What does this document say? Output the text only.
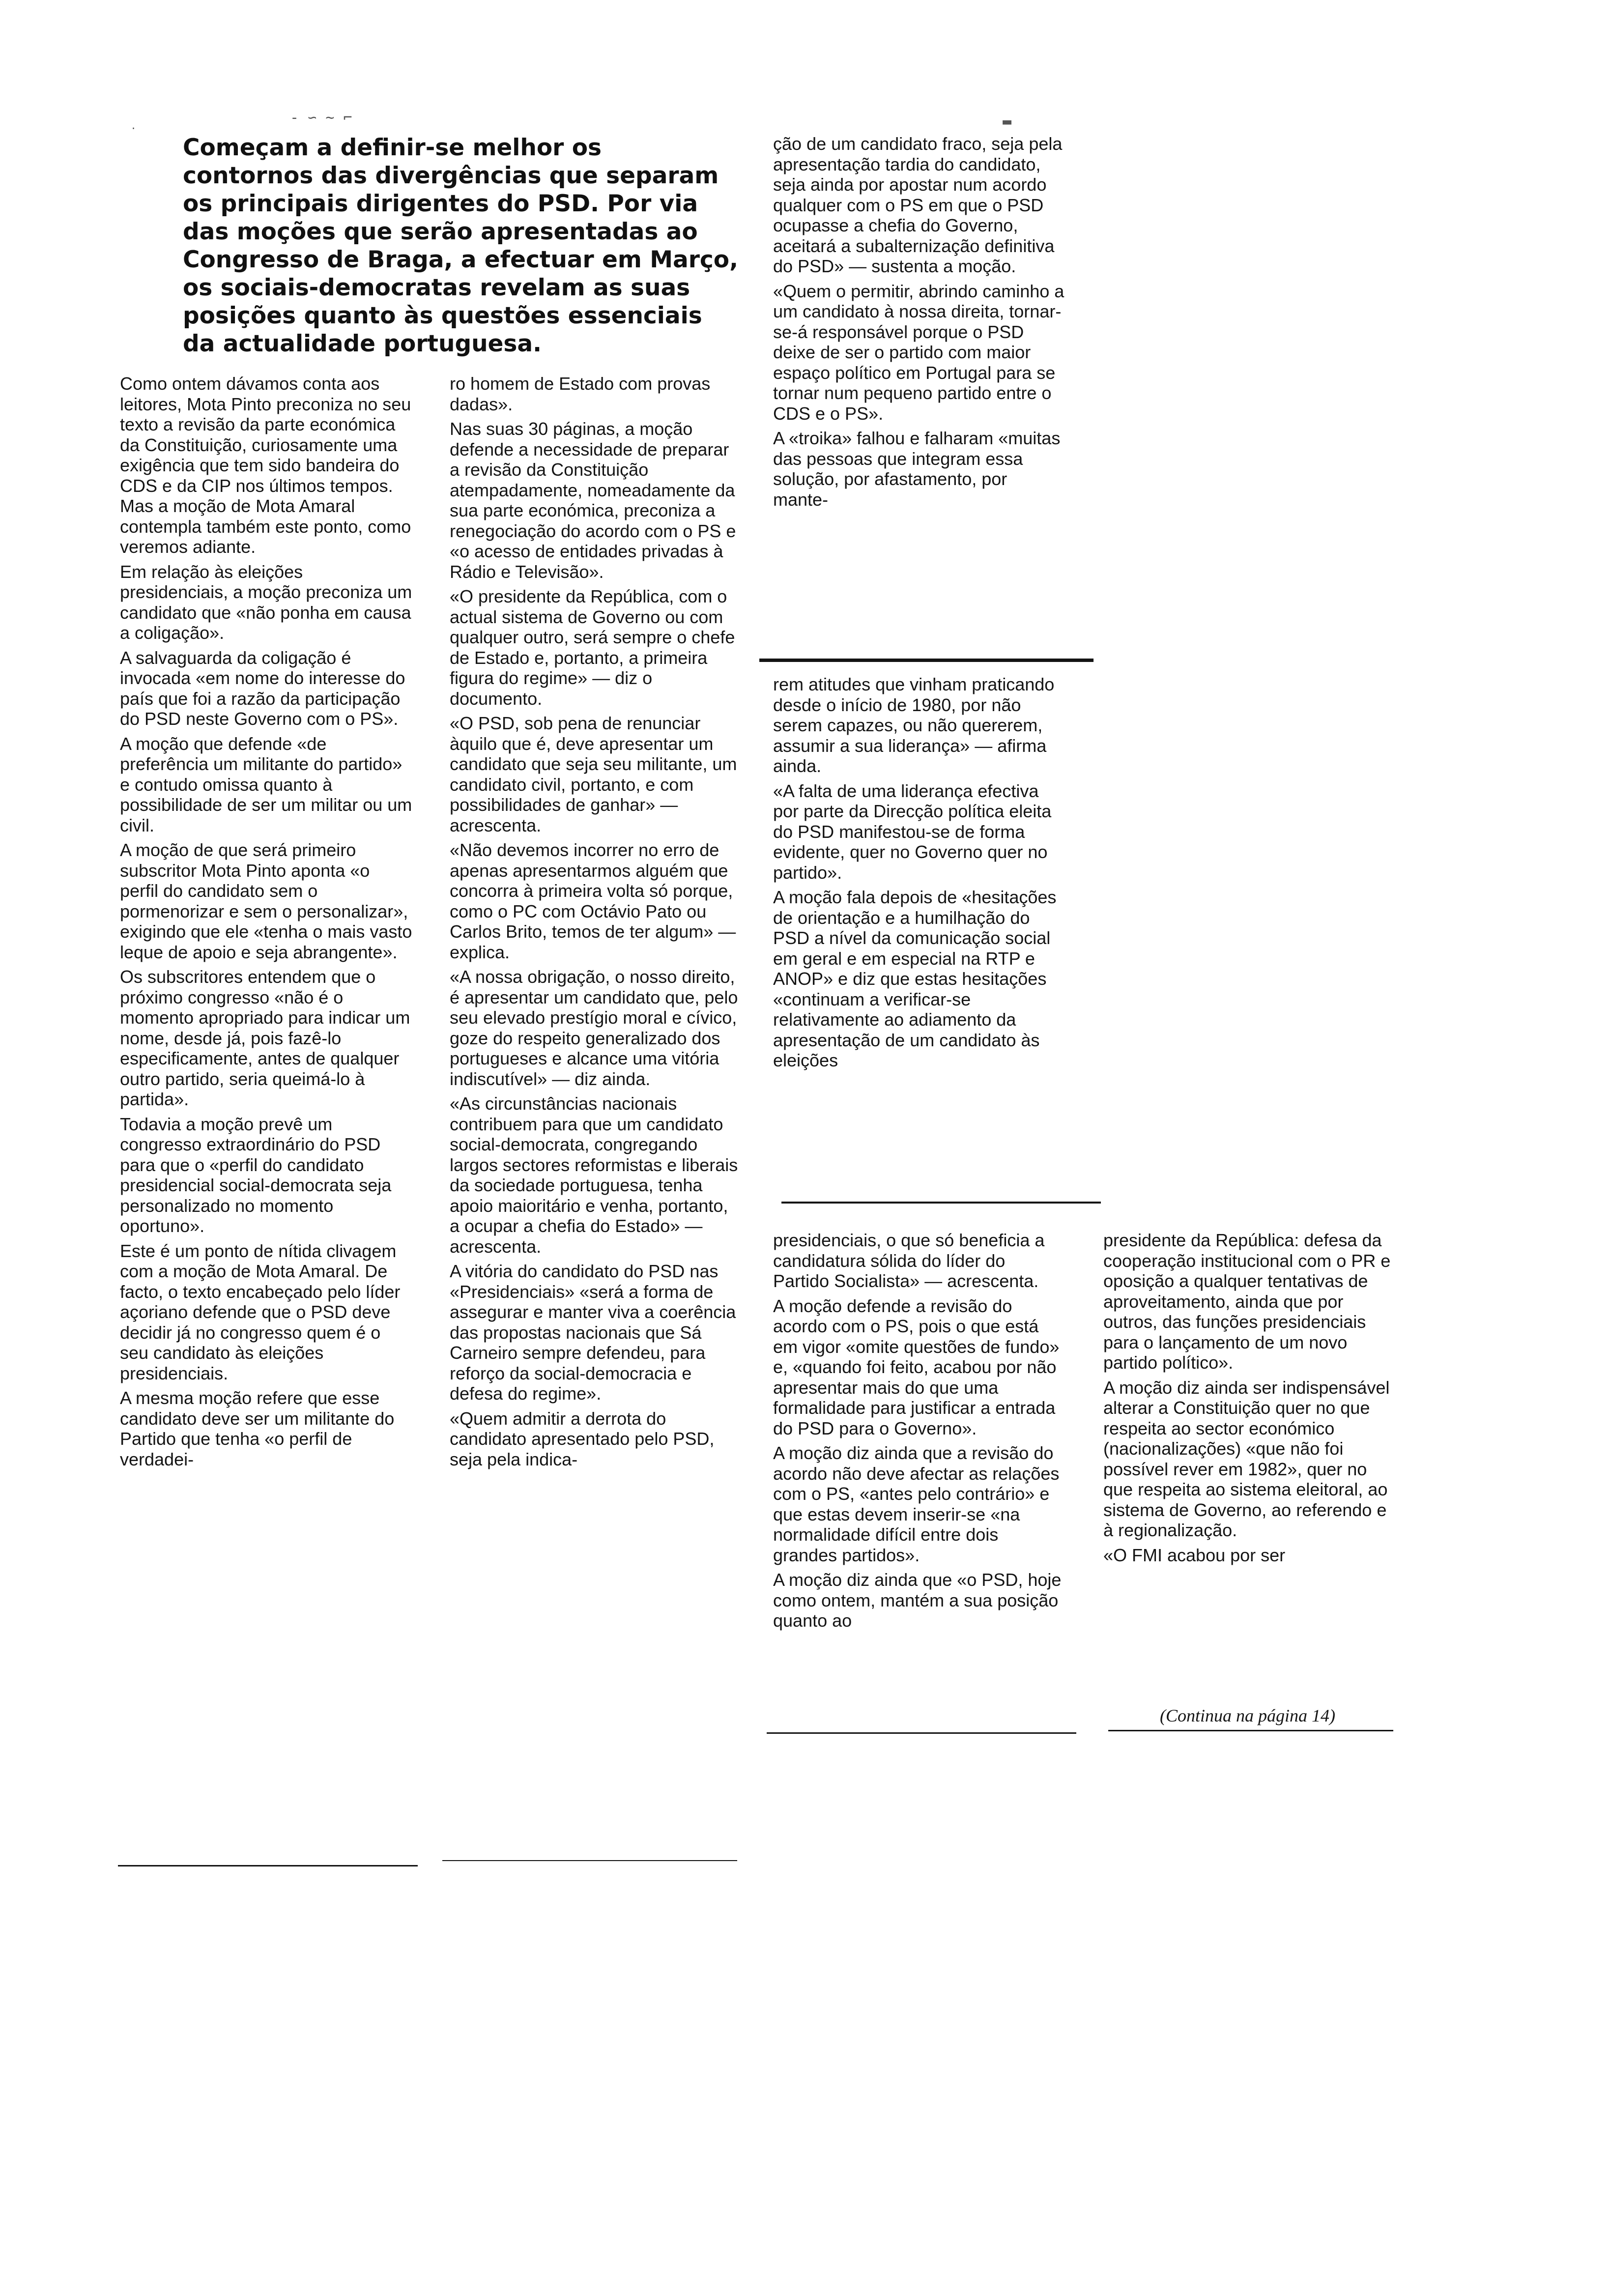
·
- ∽ ∼ ⌐	▬

Começam a definir-se melhor os contornos das divergências que separam os principais dirigentes do PSD. Por via das moções que serão apresentadas ao Congresso de Braga, a efectuar em Março, os sociais-democratas revelam as suas posições quanto às questões essenciais da actualidade portuguesa.

Como ontem dávamos conta aos leitores, Mota Pinto preconiza no seu texto a revisão da parte económica da Constituição, curiosamente uma exigência que tem sido bandeira do CDS e da CIP nos últimos tempos. Mas a moção de Mota Amaral contempla também este ponto, como veremos adiante.

Em relação às eleições presidenciais, a moção preconiza um candidato que «não ponha em causa a coligação».

A salvaguarda da coligação é invocada «em nome do interesse do país que foi a razão da participação do PSD neste Governo com o PS».

A moção que defende «de preferência um militante do partido» e contudo omissa quanto à possibilidade de ser um militar ou um civil.

A moção de que será primeiro subscritor Mota Pinto aponta «o perfil do candidato sem o pormenorizar e sem o personalizar», exigindo que ele «tenha o mais vasto leque de apoio e seja abrangente».

Os subscritores entendem que o próximo congresso «não é o momento apropriado para indicar um nome, desde já, pois fazê-lo especificamente, antes de qualquer outro partido, seria queimá-lo à partida».

Todavia a moção prevê um congresso extraordinário do PSD para que o «perfil do candidato presidencial social-democrata seja personalizado no momento oportuno».

Este é um ponto de nítida clivagem com a moção de Mota Amaral. De facto, o texto encabeçado pelo líder açoriano defende que o PSD deve decidir já no congresso quem é o seu candidato às eleições presidenciais.

A mesma moção refere que esse candidato deve ser um militante do Partido que tenha «o perfil de verdadei-

ro homem de Estado com provas dadas».

Nas suas 30 páginas, a moção defende a necessidade de preparar a revisão da Constituição atempadamente, nomeadamente da sua parte económica, preconiza a renegociação do acordo com o PS e «o acesso de entidades privadas à Rádio e Televisão».

«O presidente da República, com o actual sistema de Governo ou com qualquer outro, será sempre o chefe de Estado e, portanto, a primeira figura do regime» — diz o documento.

«O PSD, sob pena de renunciar àquilo que é, deve apresentar um candidato que seja seu militante, um candidato civil, portanto, e com possibilidades de ganhar» — acrescenta.

«Não devemos incorrer no erro de apenas apresentarmos alguém que concorra à primeira volta só porque, como o PC com Octávio Pato ou Carlos Brito, temos de ter algum» — explica.

«A nossa obrigação, o nosso direito, é apresentar um candidato que, pelo seu elevado prestígio moral e cívico, goze do respeito generalizado dos portugueses e alcance uma vitória indiscutível» — diz ainda.

«As circunstâncias nacionais contribuem para que um candidato social-democrata, congregando largos sectores reformistas e liberais da sociedade portuguesa, tenha apoio maioritário e venha, portanto, a ocupar a chefia do Estado» — acrescenta.

A vitória do candidato do PSD nas «Presidenciais» «será a forma de assegurar e manter viva a coerência das propostas nacionais que Sá Carneiro sempre defendeu, para reforço da social-democracia e defesa do regime».

«Quem admitir a derrota do candidato apresentado pelo PSD, seja pela indica-

ção de um candidato fraco, seja pela apresentação tardia do candidato, seja ainda por apostar num acordo qualquer com o PS em que o PSD ocupasse a chefia do Governo, aceitará a subalternização definitiva do PSD» — sustenta a moção.

«Quem o permitir, abrindo caminho a um candidato à nossa direita, tornar-se-á responsável porque o PSD deixe de ser o partido com maior espaço político em Portugal para se tornar num pequeno partido entre o CDS e o PS».

A «troika» falhou e falharam «muitas das pessoas que integram essa solução, por afastamento, por mante-

rem atitudes que vinham praticando desde o início de 1980, por não serem capazes, ou não quererem, assumir a sua liderança» — afirma ainda.

«A falta de uma liderança efectiva por parte da Direcção política eleita do PSD manifestou-se de forma evidente, quer no Governo quer no partido».

A moção fala depois de «hesitações de orientação e a humilhação do PSD a nível da comunicação social em geral e em especial na RTP e ANOP» e diz que estas hesitações «continuam a verificar-se relativamente ao adiamento da apresentação de um candidato às eleições

presidenciais, o que só beneficia a candidatura sólida do líder do Partido Socialista» — acrescenta.

A moção defende a revisão do acordo com o PS, pois o que está em vigor «omite questões de fundo» e, «quando foi feito, acabou por não apresentar mais do que uma formalidade para justificar a entrada do PSD para o Governo».

A moção diz ainda que a revisão do acordo não deve afectar as relações com o PS, «antes pelo contrário» e que estas devem inserir-se «na normalidade difícil entre dois grandes partidos».

A moção diz ainda que «o PSD, hoje como ontem, mantém a sua posição quanto ao

presidente da República: defesa da cooperação institucional com o PR e oposição a qualquer tentativas de aproveitamento, ainda que por outros, das funções presidenciais para o lançamento de um novo partido político».

A moção diz ainda ser indispensável alterar a Constituição quer no que respeita ao sector económico (nacionalizações) «que não foi possível rever em 1982», quer no que respeita ao sistema eleitoral, ao sistema de Governo, ao referendo e à regionalização.

«O FMI acabou por ser

(Continua na página 14)
